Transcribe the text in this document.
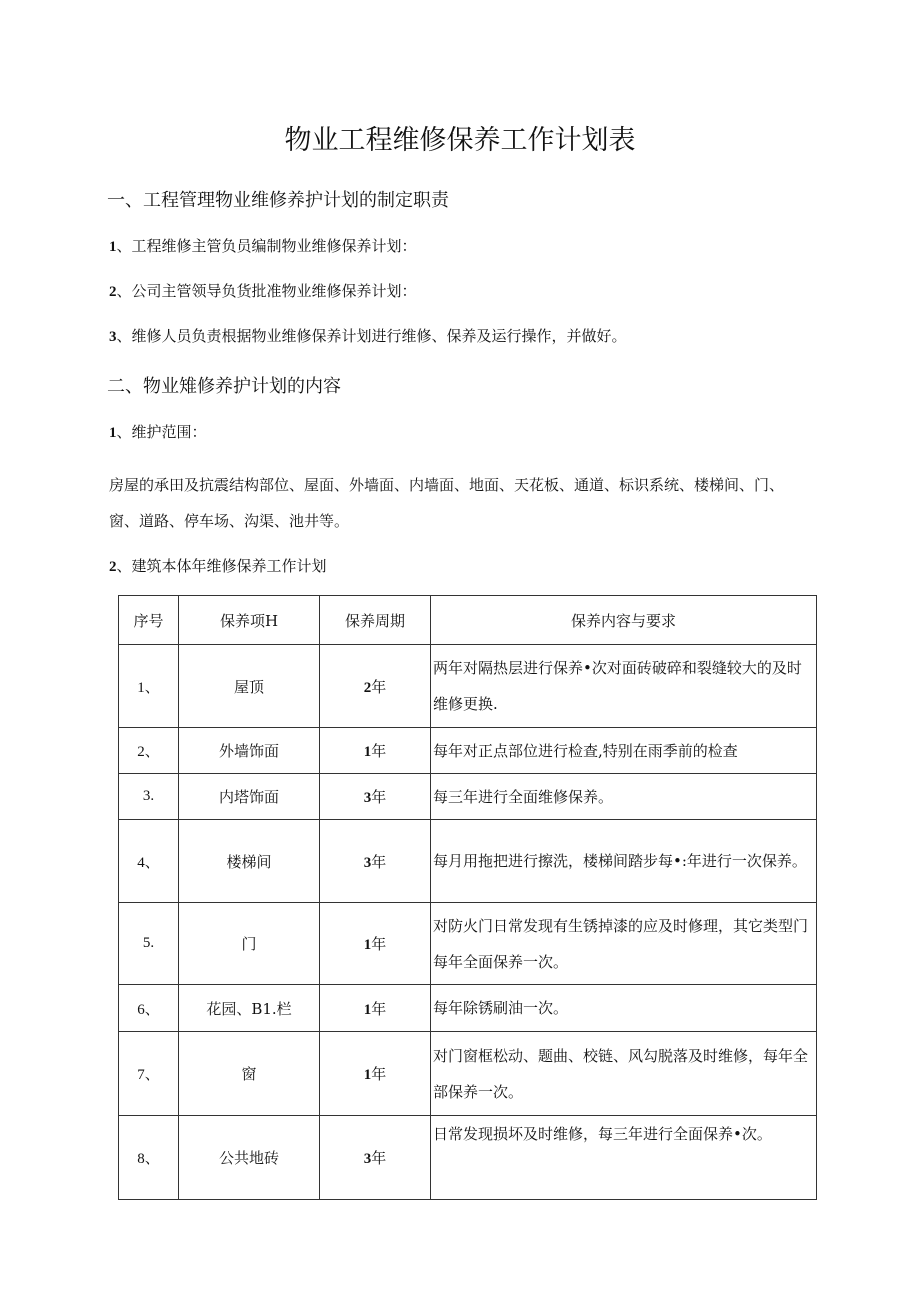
物业工程维修保养工作计划表
一、工程管理物业维修养护计划的制定职责
1、工程维修主管负员编制物业维修保养计划：
2、公司主管领导负货批准物业维修保养计划：
3、维修人员负责根据物业维修保养计划进行维修、保养及运行操作，并做好。
二、物业雉修养护计划的内容
1、维护范围：
房屋的承田及抗震结构部位、屋面、外墙面、内墙面、地面、天花板、通道、标识系统、楼梯间、门、窗、道路、停车场、沟渠、池井等。
2、建筑本体年维修保养工作计划
序号	保养项H	保养周期	保养内容与要求
1、	屋顶	2年	两年对隔热层进行保养•次对面砖破碎和裂缝较大的及时维修更换.
2、	外墙饰面	1年	每年对正点部位进行检查,特别在雨季前的检查
3.	内塔饰面	3年	每三年进行全面维修保养。
4、	楼梯间	3年	每月用拖把进行擦洗，楼梯间踏步每•:年进行一次保养。
5.	门	1年	对防火门日常发现有生锈掉漆的应及时修理，其它类型门每年全面保养一次。
6、	花园、B1.栏	1年	每年除锈刷油一次。
7、	窗	1年	对门窗框松动、题曲、校链、风勾脱落及时维修，每年全部保养一次。
8、	公共地砖	3年	日常发现损坏及时维修，每三年进行全面保养•次。
